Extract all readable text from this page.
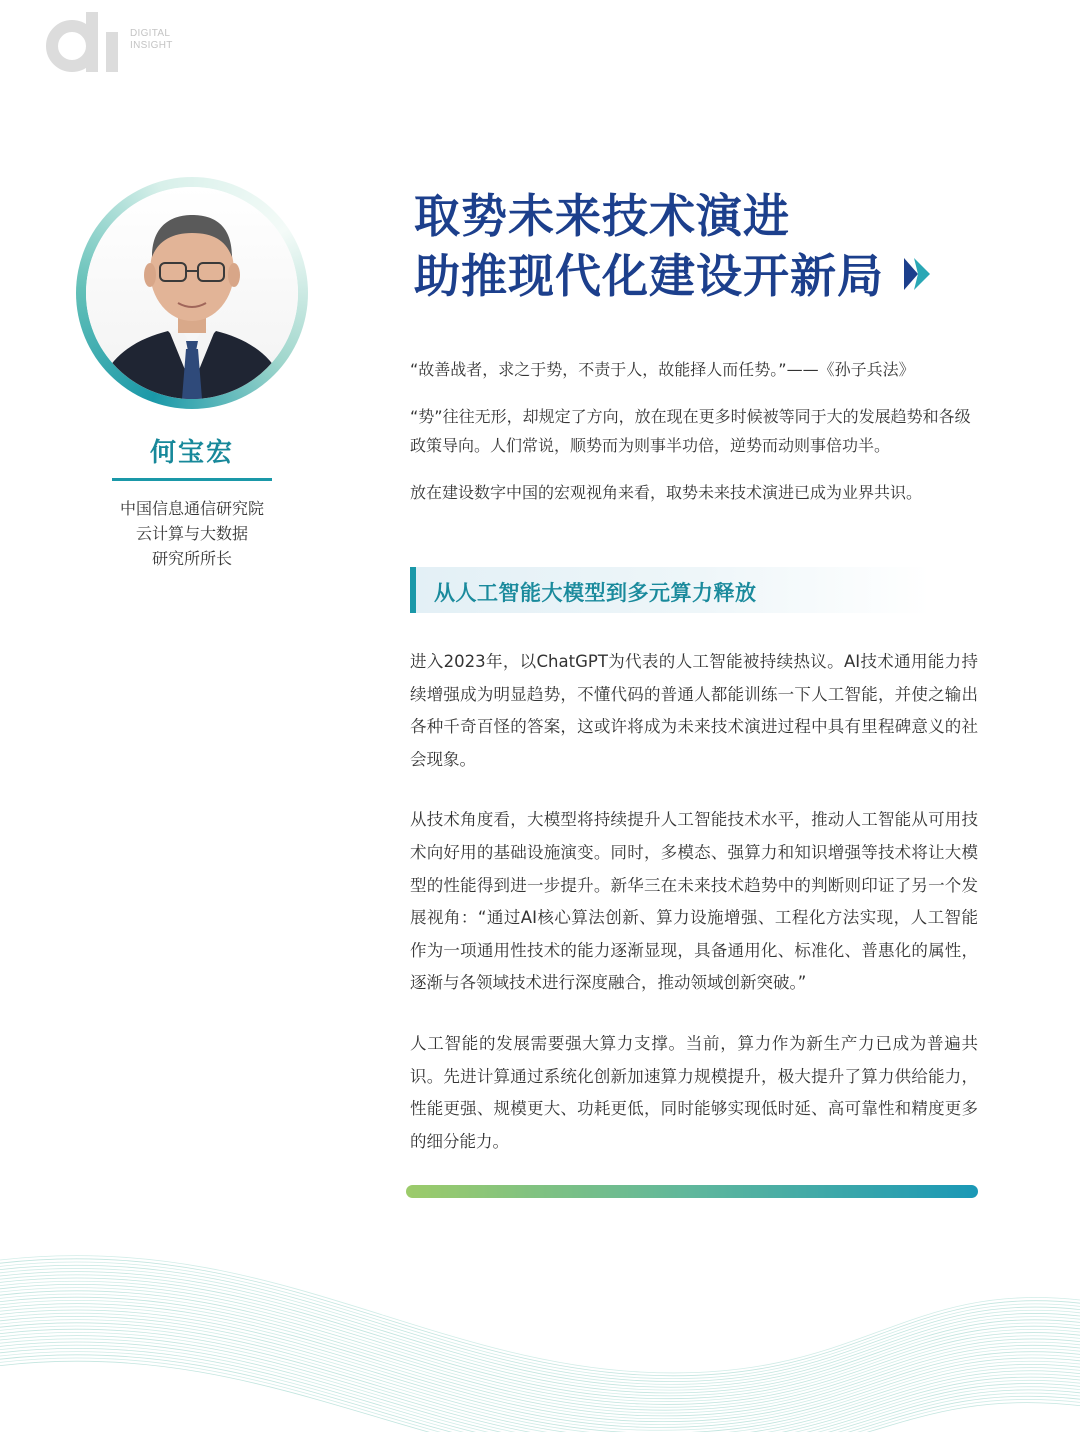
DIGITAL
INSIGHT
何宝宏
中国信息通信研究院
云计算与大数据
研究所所长
取势未来技术演进
助推现代化建设开新局

“故善战者，求之于势，不责于人，故能择人而任势。”——《孙子兵法》

“势”往往无形，却规定了方向，放在现在更多时候被等同于大的发展趋势和各级政策导向。人们常说，顺势而为则事半功倍，逆势而动则事倍功半。

放在建设数字中国的宏观视角来看，取势未来技术演进已成为业界共识。

从人工智能大模型到多元算力释放

进入2023年，以ChatGPT为代表的人工智能被持续热议。AI技术通用能力持续增强成为明显趋势，不懂代码的普通人都能训练一下人工智能，并使之输出各种千奇百怪的答案，这或许将成为未来技术演进过程中具有里程碑意义的社会现象。

从技术角度看，大模型将持续提升人工智能技术水平，推动人工智能从可用技术向好用的基础设施演变。同时，多模态、强算力和知识增强等技术将让大模型的性能得到进一步提升。新华三在未来技术趋势中的判断则印证了另一个发展视角：“通过AI核心算法创新、算力设施增强、工程化方法实现，人工智能作为一项通用性技术的能力逐渐显现，具备通用化、标准化、普惠化的属性，逐渐与各领域技术进行深度融合，推动领域创新突破。”

人工智能的发展需要强大算力支撑。当前，算力作为新生产力已成为普遍共识。先进计算通过系统化创新加速算力规模提升，极大提升了算力供给能力，性能更强、规模更大、功耗更低，同时能够实现低时延、高可靠性和精度更多的细分能力。
